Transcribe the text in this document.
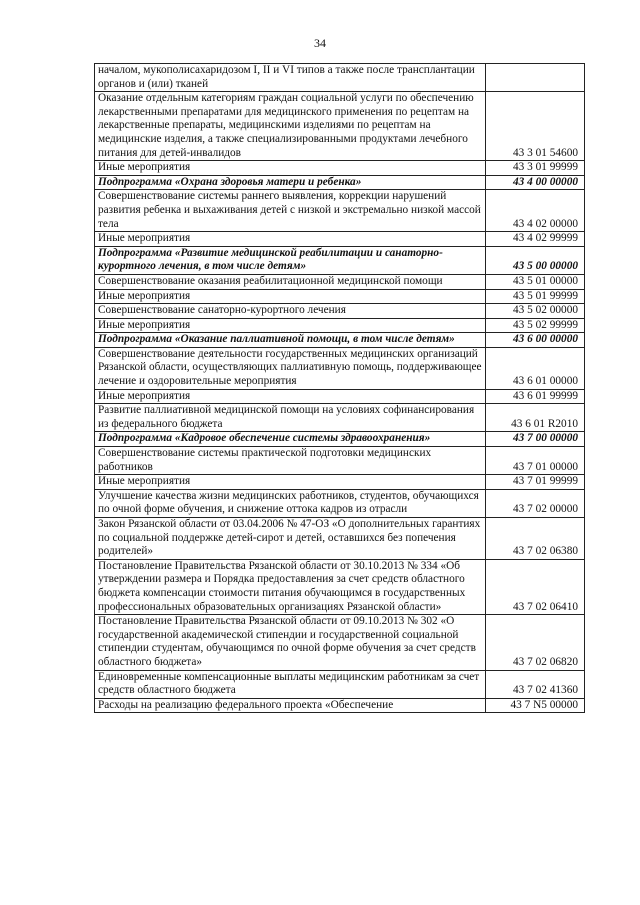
34
началом, мукополисахаридозом I, II и VI типов а также после трансплантации органов и (или) тканей	
Оказание отдельным категориям граждан социальной услуги по обеспечению лекарственными препаратами для медицинского применения по рецептам на лекарственные препараты, медицинскими изделиями по рецептам на медицинские изделия, а также специализированными продуктами лечебного питания для детей-инвалидов	43 3 01 54600
Иные мероприятия	43 3 01 99999
Подпрограмма «Охрана здоровья матери и ребенка»	43 4 00 00000
Совершенствование системы раннего выявления, коррекции нарушений развития ребенка и выхаживания детей с низкой и экстремально низкой массой тела	43 4 02 00000
Иные мероприятия	43 4 02 99999
Подпрограмма «Развитие медицинской реабилитации и санаторно-курортного лечения, в том числе детям»	43 5 00 00000
Совершенствование оказания реабилитационной медицинской помощи	43 5 01 00000
Иные мероприятия	43 5 01 99999
Совершенствование санаторно-курортного лечения	43 5 02 00000
Иные мероприятия	43 5 02 99999
Подпрограмма «Оказание паллиативной помощи, в том числе детям»	43 6 00 00000
Совершенствование деятельности государственных медицинских организаций Рязанской области, осуществляющих паллиативную помощь, поддерживающее лечение и оздоровительные мероприятия	43 6 01 00000
Иные мероприятия	43 6 01 99999
Развитие паллиативной медицинской помощи на условиях софинансирования из федерального бюджета	43 6 01 R2010
Подпрограмма «Кадровое обеспечение системы здравоохранения»	43 7 00 00000
Совершенствование системы практической подготовки медицинских работников	43 7 01 00000
Иные мероприятия	43 7 01 99999
Улучшение качества жизни медицинских работников, студентов, обучающихся по очной форме обучения, и снижение оттока кадров из отрасли	43 7 02 00000
Закон Рязанской области от 03.04.2006 № 47-ОЗ «О дополнительных гарантиях по социальной поддержке детей-сирот и детей, оставшихся без попечения родителей»	43 7 02 06380
Постановление Правительства Рязанской области от 30.10.2013 № 334 «Об утверждении размера и Порядка предоставления за счет средств областного бюджета компенсации стоимости питания обучающимся в государственных профессиональных образовательных организациях Рязанской области»	43 7 02 06410
Постановление Правительства Рязанской области от 09.10.2013 № 302 «О государственной академической стипендии и государственной социальной стипендии студентам, обучающимся по очной форме обучения за счет средств областного бюджета»	43 7 02 06820
Единовременные компенсационные выплаты медицинским работникам за счет средств областного бюджета	43 7 02 41360
Расходы на реализацию федерального проекта «Обеспечение	43 7 N5 00000
